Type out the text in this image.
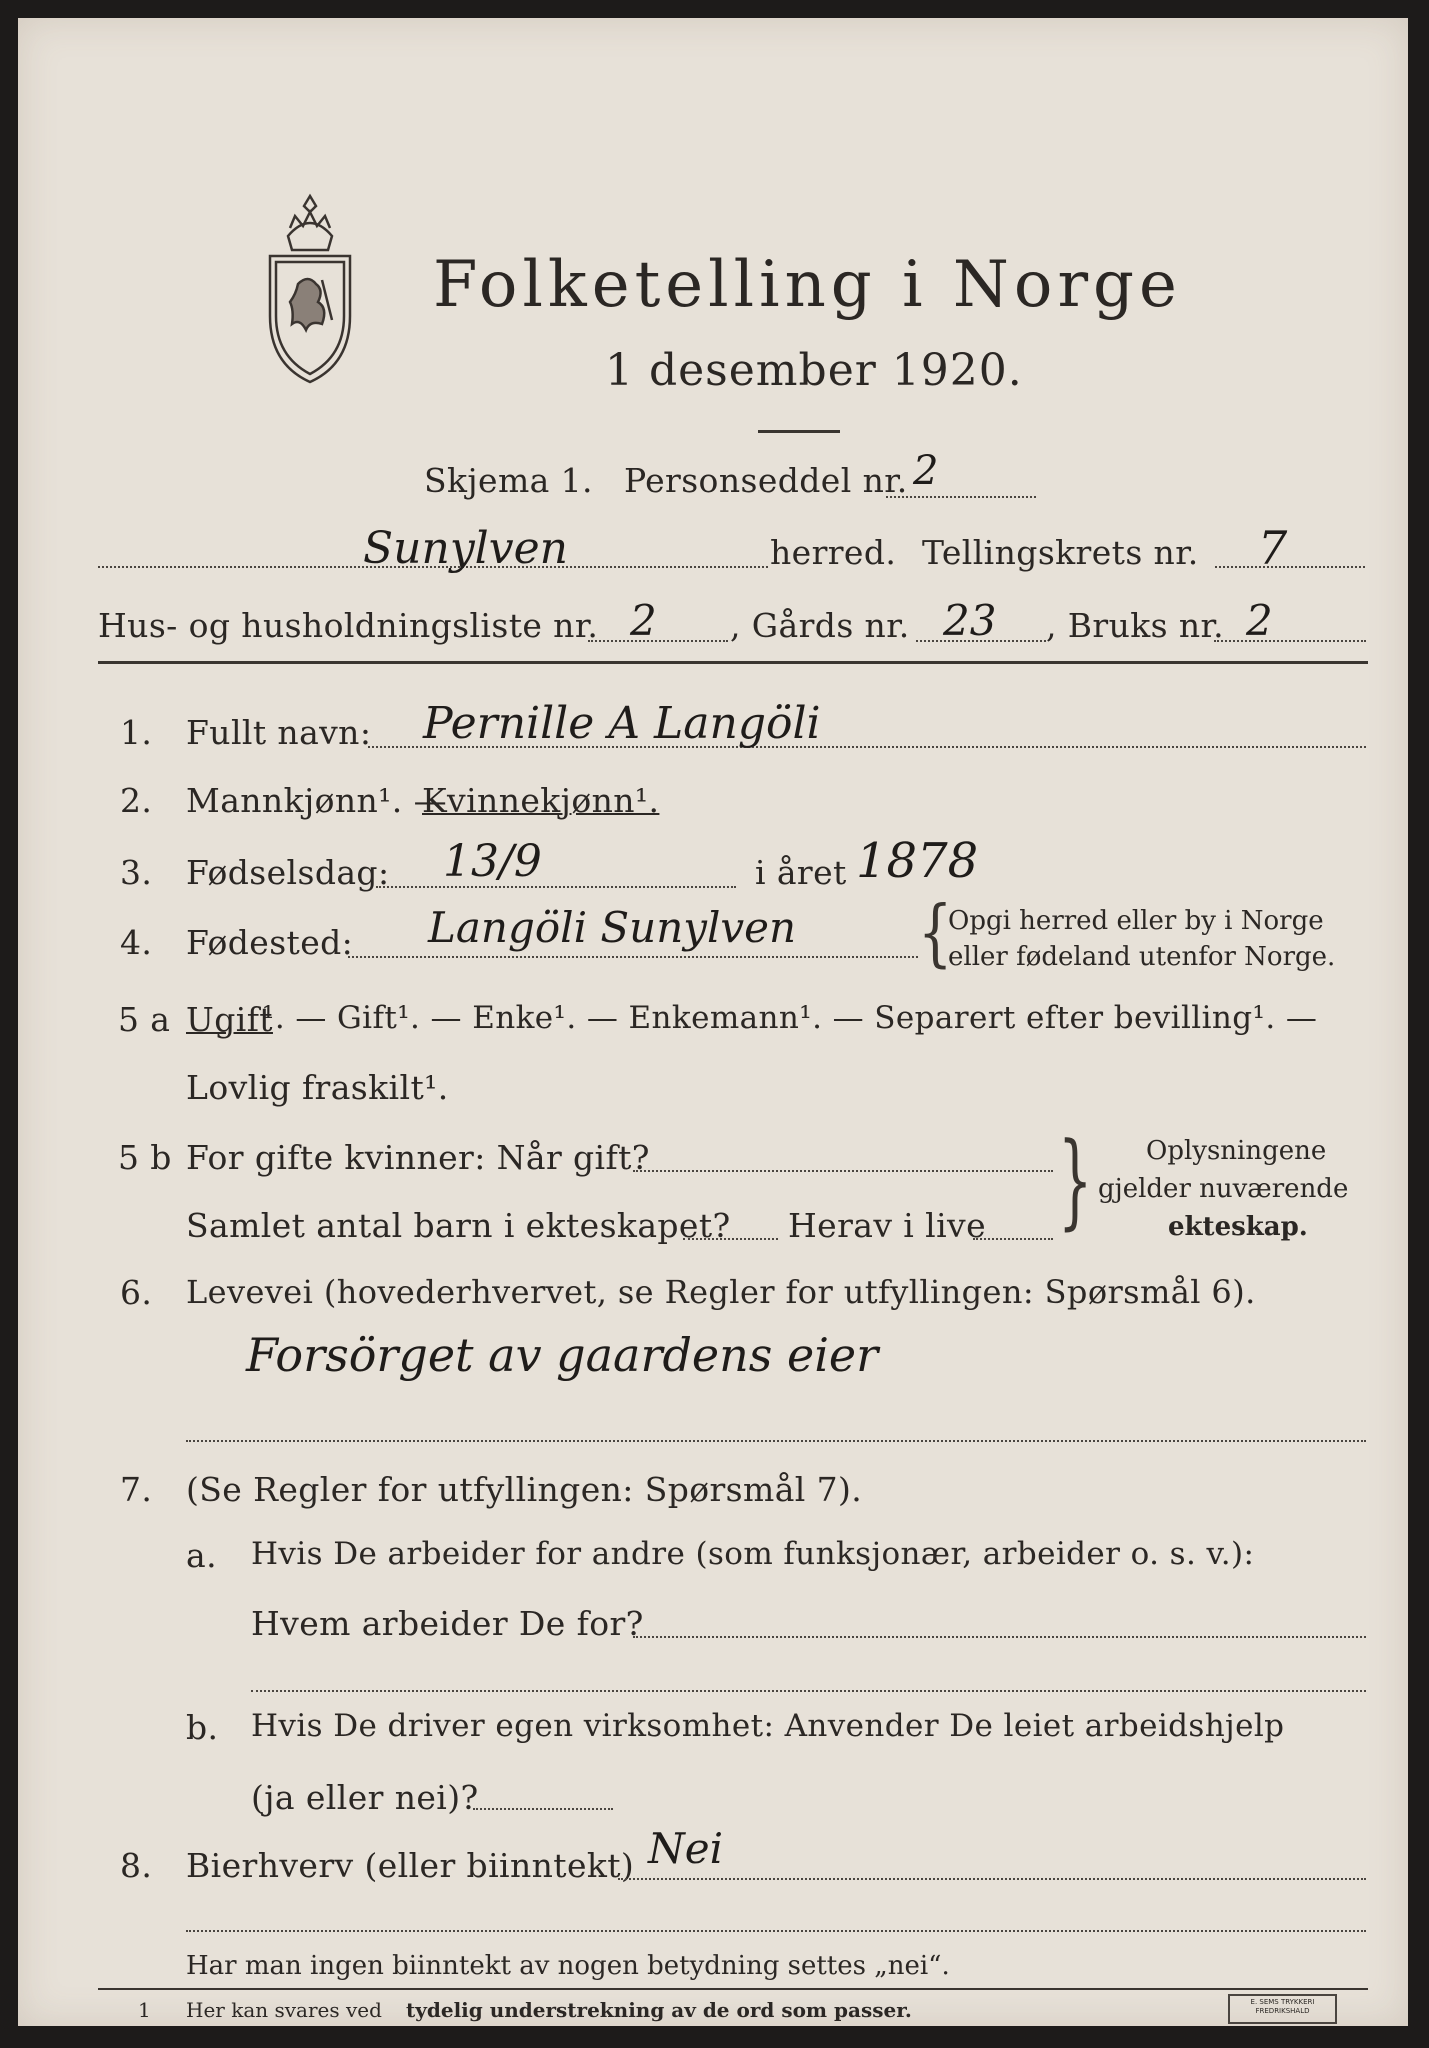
Folketelling i Norge
1 desember 1920.
Skjema 1. Personseddel nr. 2
Sunylven	herred. Tellingskrets nr. 7
Hus- og husholdningsliste nr. 2 , Gårds nr. 23 , Bruks nr. 2
1. Fullt navn: Pernille A Langöli
2. Mannkjønn¹. —
Kvinnekjønn¹.
3. Fødselsdag: 13/9	i året 1878
4. Fødested: Langöli Sunylven {
Opgi herred eller by i Norge
eller fødeland utenfor Norge.
5 a Ugift
¹. — Gift¹. — Enke¹. — Enkemann¹. — Separert efter bevilling¹. —
Lovlig fraskilt¹.
5 b For gifte kvinner: Når gift?
Samlet antal barn i ekteskapet? Herav i live } Oplysningene
gjelder nuværende
ekteskap.
6. Levevei (hovederhvervet, se Regler for utfyllingen: Spørsmål 6).
Forsörget av gaardens eier
7. (Se Regler for utfyllingen: Spørsmål 7).
a. Hvis De arbeider for andre (som funksjonær, arbeider o. s. v.):
Hvem arbeider De for?
b. Hvis De driver egen virksomhet: Anvender De leiet arbeidshjelp
(ja eller nei)?
8. Bierhverv (eller biinntekt) Nei
Har man ingen biinntekt av nogen betydning settes „nei“.
1 Her kan svares ved tydelig understrekning av de ord som passer.	E. SEMS TRYKKERI
FREDRIKSHALD
